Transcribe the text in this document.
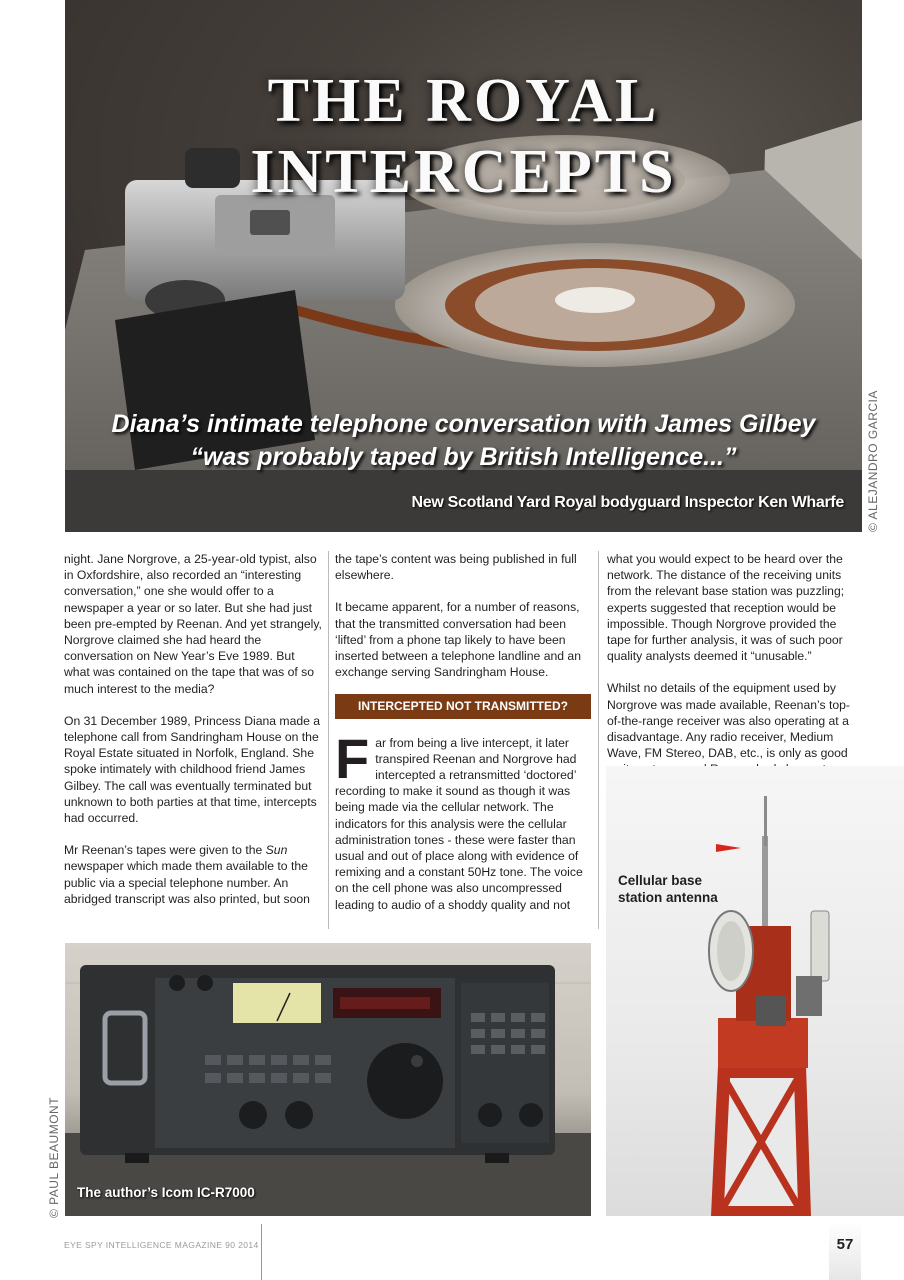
THE ROYAL INTERCEPTS
Diana’s intimate telephone conversation with James Gilbey
“was probably taped by British Intelligence...”
New Scotland Yard Royal bodyguard Inspector Ken Wharfe © ALEJANDRO GARCIA

night. Jane Norgrove, a 25-year-old typist, also in Oxfordshire, also recorded an “interesting conversation,” one she would offer to a newspaper a year or so later. But she had just been pre-empted by Reenan. And yet strangely, Norgrove claimed she had heard the conversation on New Year’s Eve 1989. But what was contained on the tape that was of so much interest to the media?

On 31 December 1989, Princess Diana made a telephone call from Sandringham House on the Royal Estate situated in Norfolk, England. She spoke intimately with childhood friend James Gilbey. The call was eventually terminated but unknown to both parties at that time, intercepts had occurred.

Mr Reenan’s tapes were given to the Sun newspaper which made them available to the public via a special telephone number. An abridged transcript was also printed, but soon

the tape’s content was being published in full elsewhere.

It became apparent, for a number of reasons, that the transmitted conversation had been ‘lifted’ from a phone tap likely to have been inserted between a telephone landline and an exchange serving Sandringham House.

INTERCEPTED NOT TRANSMITTED?

Far from being a live intercept, it later transpired Reenan and Norgrove had intercepted a retransmitted ‘doctored’ recording to make it sound as though it was being made via the cellular network. The indicators for this analysis were the cellular administration tones - these were faster than usual and out of place along with evidence of remixing and a constant 50Hz tone. The voice on the cell phone was also uncompressed leading to audio of a shoddy quality and not

what you would expect to be heard over the network. The distance of the receiving units from the relevant base station was puzzling; experts suggested that reception would be impossible. Though Norgrove provided the tape for further analysis, it was of such poor quality analysts deemed it “unusable.”

Whilst no details of the equipment used by Norgrove was made available, Reenan’s top-of-the-range receiver was also operating at a disadvantage. Any radio receiver, Medium Wave, FM Stereo, DAB, etc., is only as good

Cellular base
station antenna
The author’s Icom IC-R7000
© PAUL BEAUMONT
EYE SPY INTELLIGENCE MAGAZINE 90 2014	57
